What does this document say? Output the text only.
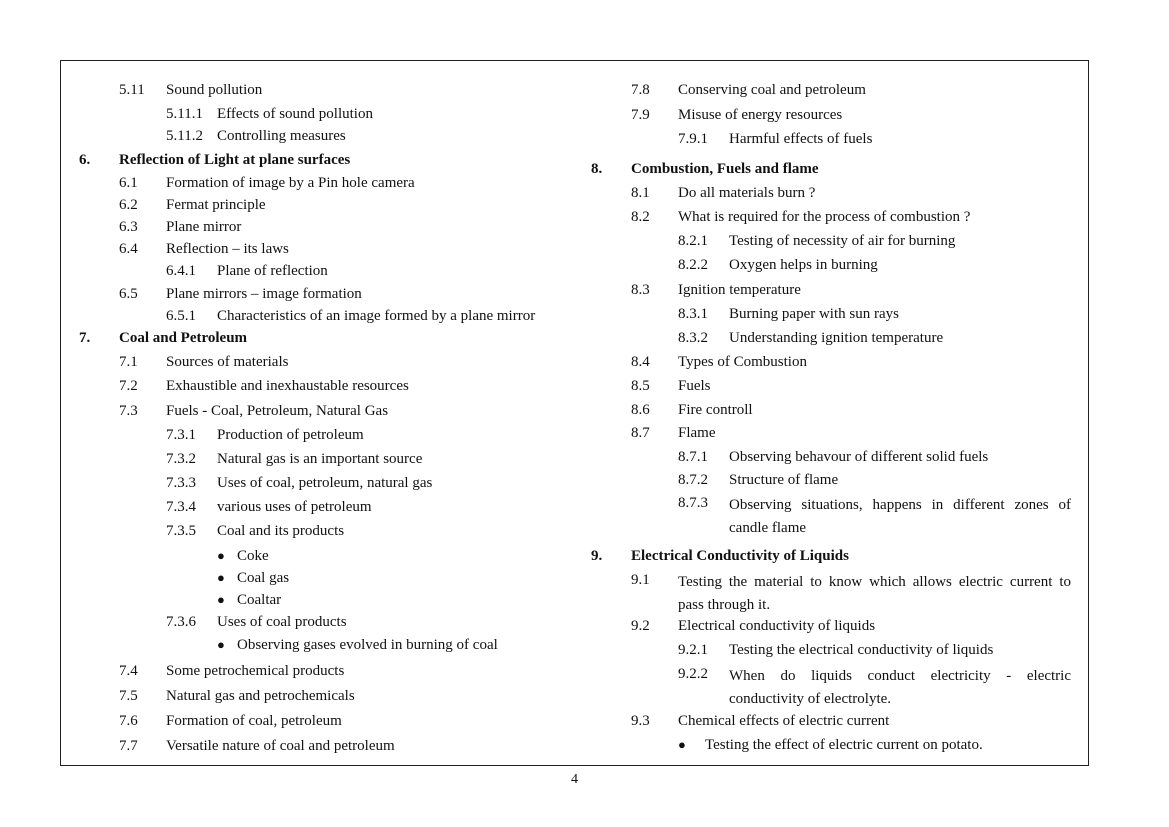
5.11 Sound pollution
5.11.1 Effects of sound pollution
5.11.2 Controlling measures
6. Reflection of Light at plane surfaces
6.1 Formation of image by a Pin hole camera
6.2 Fermat principle
6.3 Plane mirror
6.4 Reflection – its laws
6.4.1 Plane of reflection
6.5 Plane mirrors – image formation
6.5.1 Characteristics of an image formed by a plane mirror
7. Coal and Petroleum
7.1 Sources of materials
7.2 Exhaustible and inexhaustable resources
7.3 Fuels - Coal, Petroleum, Natural Gas
7.3.1 Production of petroleum
7.3.2 Natural gas is an important source
7.3.3 Uses of coal, petroleum, natural gas
7.3.4 various uses of petroleum
7.3.5 Coal and its products
● Coke
● Coal gas
● Coaltar
7.3.6 Uses of coal products
● Observing gases evolved in burning of coal
7.4 Some petrochemical products
7.5 Natural gas and petrochemicals
7.6 Formation of coal, petroleum
7.7 Versatile nature of coal and petroleum
7.8 Conserving coal and petroleum
7.9 Misuse of energy resources
7.9.1 Harmful effects of fuels
8. Combustion, Fuels and flame
8.1 Do all materials burn ?
8.2 What is required for the process of combustion ?
8.2.1 Testing of necessity of air for burning
8.2.2 Oxygen helps in burning
8.3 Ignition temperature
8.3.1 Burning paper with sun rays
8.3.2 Understanding ignition temperature
8.4 Types of Combustion
8.5 Fuels
8.6 Fire controll
8.7 Flame
8.7.1 Observing behavour of different solid fuels
8.7.2 Structure of flame
8.7.3 Observing situations, happens in different zones of candle flame
9. Electrical Conductivity of Liquids
9.1 Testing the material to know which allows electric current to pass through it.
9.2 Electrical conductivity of liquids
9.2.1 Testing the electrical conductivity of liquids
9.2.2 When do liquids conduct electricity - electric conductivity of electrolyte.
9.3 Chemical effects of electric current
● Testing the effect of electric current on potato.
4
